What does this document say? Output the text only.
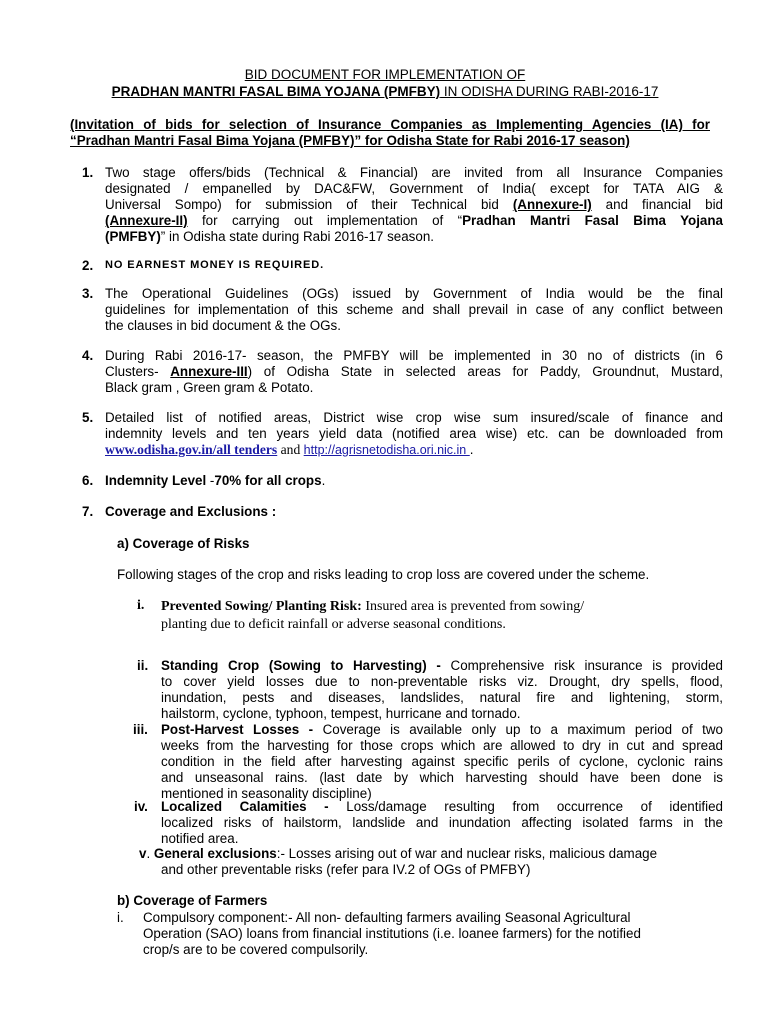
BID DOCUMENT FOR IMPLEMENTATION OF
PRADHAN MANTRI FASAL BIMA YOJANA (PMFBY) IN ODISHA DURING RABI-2016-17
(Invitation of bids for selection of Insurance Companies as Implementing Agencies (IA) for
“Pradhan Mantri Fasal Bima Yojana (PMFBY)” for Odisha State for Rabi 2016-17 season)
1. Two stage offers/bids (Technical & Financial) are invited from all Insurance Companies
designated / empanelled by DAC&FW, Government of India( except for TATA AIG &
Universal Sompo) for submission of their Technical bid (Annexure-I) and financial bid
(Annexure-II) for carrying out implementation of “Pradhan Mantri Fasal Bima Yojana
(PMFBY)” in Odisha state during Rabi 2016-17 season.
2. NO EARNEST MONEY IS REQUIRED.
3. The Operational Guidelines (OGs) issued by Government of India would be the final
guidelines for implementation of this scheme and shall prevail in case of any conflict between
the clauses in bid document & the OGs.
4. During Rabi 2016-17- season, the PMFBY will be implemented in 30 no of districts (in 6
Clusters- Annexure-III) of Odisha State in selected areas for Paddy, Groundnut, Mustard,
Black gram , Green gram & Potato.
5. Detailed list of notified areas, District wise crop wise sum insured/scale of finance and
indemnity levels and ten years yield data (notified area wise) etc. can be downloaded from
www.odisha.gov.in/all tenders and http://agrisnetodisha.ori.nic.in .
6. Indemnity Level -70% for all crops.
7. Coverage and Exclusions :
a) Coverage of Risks
Following stages of the crop and risks leading to crop loss are covered under the scheme.
i. Prevented Sowing/ Planting Risk: Insured area is prevented from sowing/
planting due to deficit rainfall or adverse seasonal conditions.
ii. Standing Crop (Sowing to Harvesting) - Comprehensive risk insurance is provided
to cover yield losses due to non-preventable risks viz. Drought, dry spells, flood,
inundation, pests and diseases, landslides, natural fire and lightening, storm,
hailstorm, cyclone, typhoon, tempest, hurricane and tornado.
iii. Post-Harvest Losses - Coverage is available only up to a maximum period of two
weeks from the harvesting for those crops which are allowed to dry in cut and spread
condition in the field after harvesting against specific perils of cyclone, cyclonic rains
and unseasonal rains. (last date by which harvesting should have been done is
mentioned in seasonality discipline)
iv. Localized Calamities - Loss/damage resulting from occurrence of identified
localized risks of hailstorm, landslide and inundation affecting isolated farms in the
notified area.
v. General exclusions:- Losses arising out of war and nuclear risks, malicious damage
and other preventable risks (refer para IV.2 of OGs of PMFBY)
b) Coverage of Farmers
i. Compulsory component:- All non- defaulting farmers availing Seasonal Agricultural
Operation (SAO) loans from financial institutions (i.e. loanee farmers) for the notified
crop/s are to be covered compulsorily.
